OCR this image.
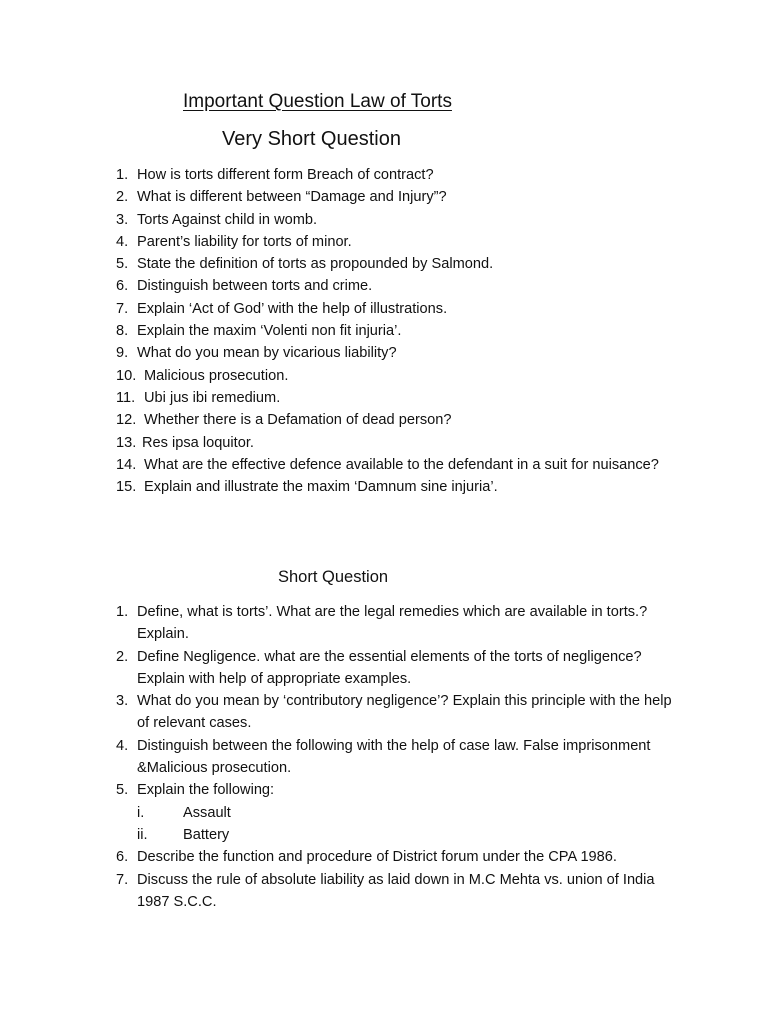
Important Question Law of Torts
Very Short Question
1. How is torts different form Breach of contract?
2. What is different between “Damage and Injury”?
3. Torts Against child in womb.
4. Parent’s liability for torts of minor.
5. State the definition of torts as propounded by Salmond.
6. Distinguish between torts and crime.
7. Explain ‘Act of God’ with the help of illustrations.
8. Explain the maxim ‘Volenti non fit injuria’.
9. What do you mean by vicarious liability?
10. Malicious prosecution.
11. Ubi jus ibi remedium.
12. Whether there is a Defamation of dead person?
13. Res ipsa loquitor.
14. What are the effective defence available to the defendant in a suit for nuisance?
15. Explain and illustrate the maxim ‘Damnum sine injuria’.
Short Question
1. Define, what is torts’. What are the legal remedies which are available in torts.? Explain.
2. Define Negligence. what are the essential elements of the torts of negligence? Explain with help of appropriate examples.
3. What do you mean by ‘contributory negligence’? Explain this principle with the help of relevant cases.
4. Distinguish between the following with the help of case law. False imprisonment &Malicious prosecution.
5. Explain the following:
i.	Assault
ii. Battery
6. Describe the function and procedure of District forum under the CPA 1986.
7. Discuss the rule of absolute liability as laid down in M.C Mehta vs. union of India 1987 S.C.C.
